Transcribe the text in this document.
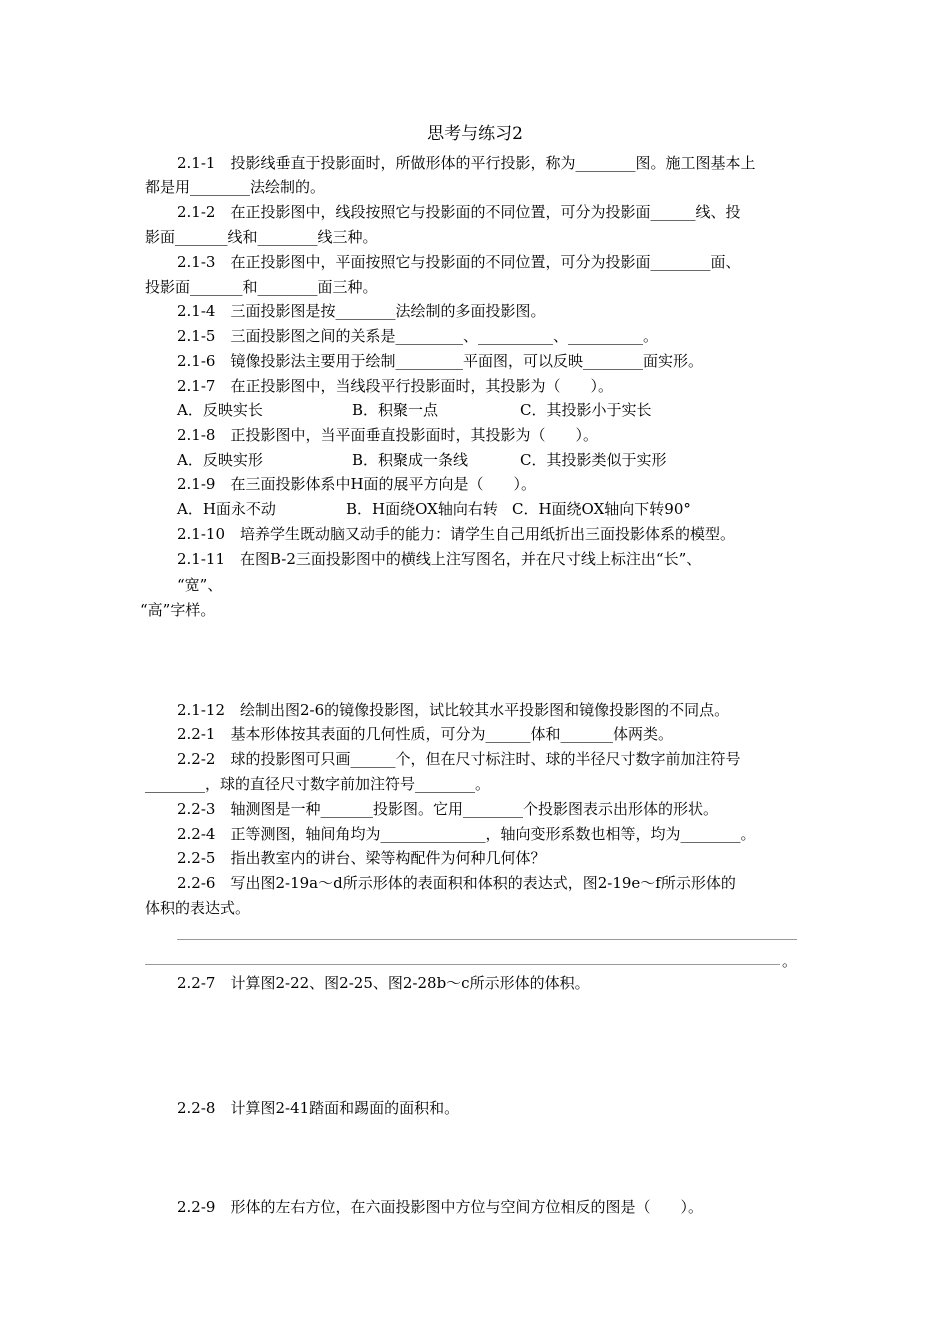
思考与练习2
2.1-1　投影线垂直于投影面时，所做形体的平行投影，称为________图。施工图基本上
都是用________法绘制的。
2.1-2　在正投影图中，线段按照它与投影面的不同位置，可分为投影面______线、投
影面_______线和________线三种。
2.1-3　在正投影图中，平面按照它与投影面的不同位置，可分为投影面________面、
投影面_______和________面三种。
2.1-4　三面投影图是按________法绘制的多面投影图。
2.1-5　三面投影图之间的关系是_________、__________、__________。
2.1-6　镜像投影法主要用于绘制_________平面图，可以反映________面实形。
2.1-7　在正投影图中，当线段平行投影面时，其投影为（　　）。
A．反映实长	B．积聚一点	C．其投影小于实长
2.1-8　正投影图中，当平面垂直投影面时，其投影为（　　）。
A．反映实形	B．积聚成一条线	C．其投影类似于实形
2.1-9　在三面投影体系中H面的展平方向是（　　）。
A．H面永不动	B．H面绕OX轴向右转 C．H面绕OX轴向下转90°
2.1-10　培养学生既动脑又动手的能力：请学生自己用纸折出三面投影体系的模型。
2.1-11　在图B-2三面投影图中的横线上注写图名，并在尺寸线上标注出“长”、
“宽”、
“高”字样。
2.1-12　绘制出图2-6的镜像投影图，试比较其水平投影图和镜像投影图的不同点。
2.2-1　基本形体按其表面的几何性质，可分为______体和_______体两类。
2.2-2　球的投影图可只画______个，但在尺寸标注时、球的半径尺寸数字前加注符号
________，球的直径尺寸数字前加注符号________。
2.2-3　轴测图是一种_______投影图。它用________个投影图表示出形体的形状。
2.2-4　正等测图，轴间角均为______________，轴向变形系数也相等，均为________。
2.2-5　指出教室内的讲台、梁等构配件为何种几何体？
2.2-6　写出图2-19a～d所示形体的表面积和体积的表达式，图2-19e～f所示形体的
体积的表达式。
。
2.2-7　计算图2-22、图2-25、图2-28b～c所示形体的体积。
2.2-8　计算图2-41踏面和踢面的面积和。
2.2-9　形体的左右方位，在六面投影图中方位与空间方位相反的图是（　　）。
